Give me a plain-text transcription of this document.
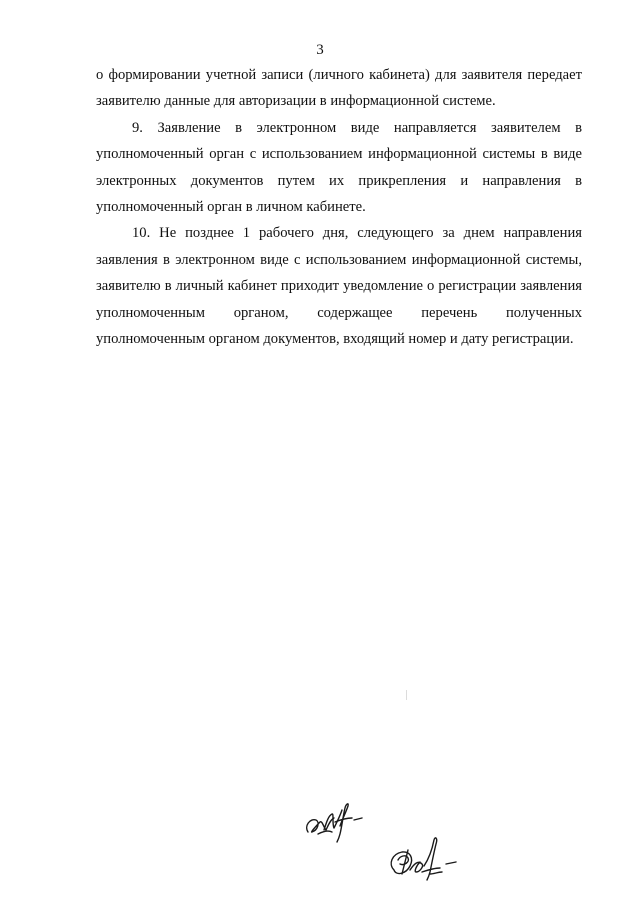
3

о формировании учетной записи (личного кабинета) для заявителя передает заявителю данные для авторизации в информационной системе.

9. Заявление в электронном виде направляется заявителем в уполномоченный орган с использованием информационной системы в виде электронных документов путем их прикрепления и направления в уполномоченный орган в личном кабинете.

10. Не позднее 1 рабочего дня, следующего за днем направления заявления в электронном виде с использованием информационной системы, заявителю в личный кабинет приходит уведомление о регистрации заявления уполномоченным органом, содержащее перечень полученных уполномоченным органом документов, входящий номер и дату регистрации.
